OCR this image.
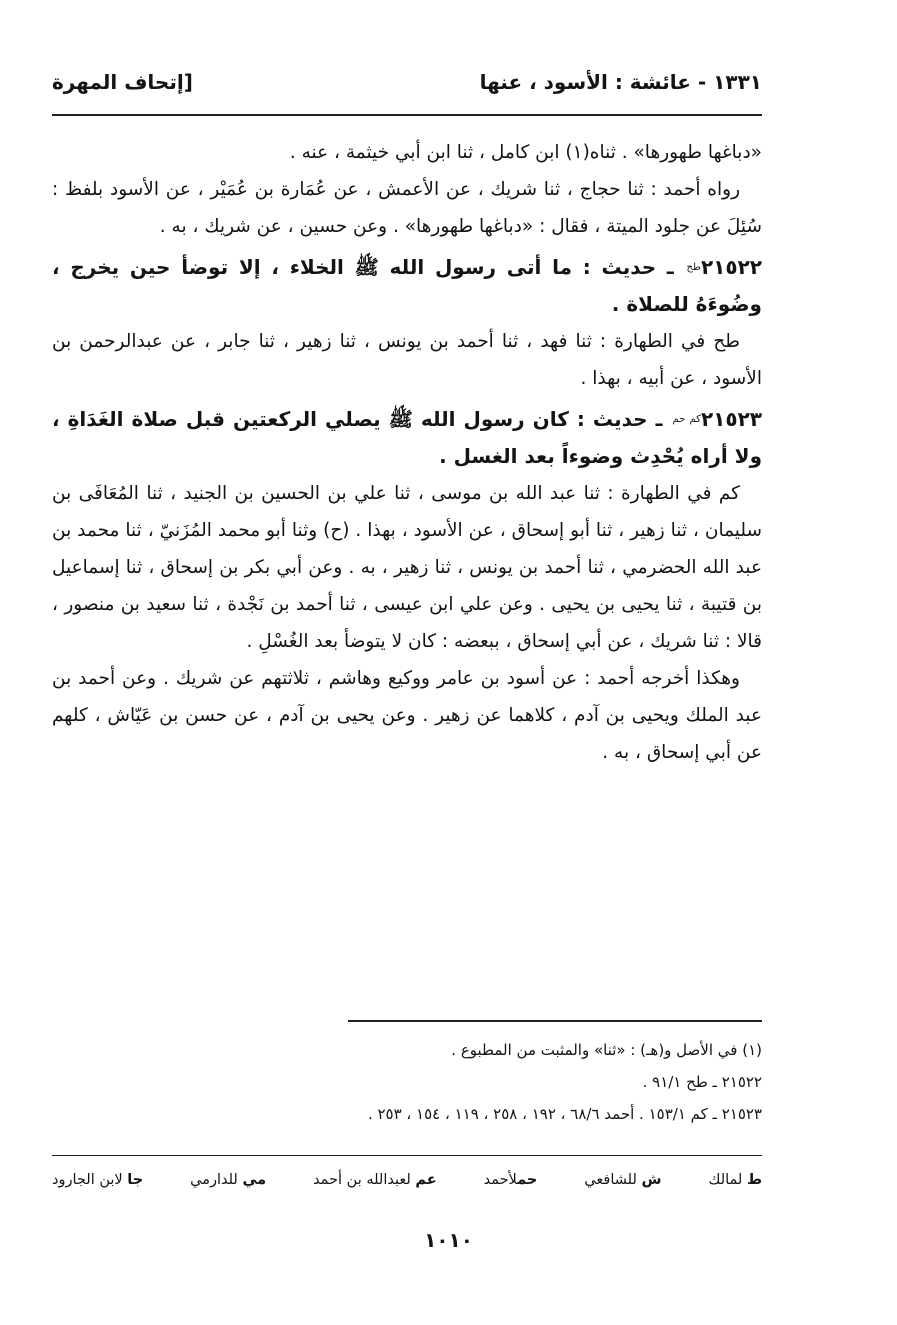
١٣٣١ - عائشة : الأسود ، عنها
[إتحاف المهرة

«دباغها طهورها» . ثناه(١) ابن كامل ، ثنا ابن أبي خيثمة ، عنه .

رواه أحمد : ثنا حجاج ، ثنا شريك ، عن الأعمش ، عن عُمَارة بن عُمَيْر ، عن الأسود بلفظ : سُئِلَ عن جلود الميتة ، فقال : «دباغها طهورها» . وعن حسين ، عن شريك ، به .

$٢١٥٢٢^{طح}$ ـ حديث : ما أتى رسول الله ﷺ الخلاء ، إلا توضأ حين يخرج ، وضُوءَهُ للصلاة .

طح في الطهارة : ثنا فهد ، ثنا أحمد بن يونس ، ثنا زهير ، ثنا جابر ، عن عبدالرحمن بن الأسود ، عن أبيه ، بهذا .

$٢١٥٢٣^{كم حم}$ ـ حديث : كان رسول الله ﷺ يصلي الركعتين قبل صلاة الغَدَاةِ ، ولا أراه يُحْدِث وضوءاً بعد الغسل .

كم في الطهارة : ثنا عبد الله بن موسى ، ثنا علي بن الحسين بن الجنيد ، ثنا المُعَافَى بن سليمان ، ثنا زهير ، ثنا أبو إسحاق ، عن الأسود ، بهذا . (ح) وثنا أبو محمد المُزَنيّ ، ثنا محمد بن عبد الله الحضرمي ، ثنا أحمد بن يونس ، ثنا زهير ، به . وعن أبي بكر بن إسحاق ، ثنا إسماعيل بن قتيبة ، ثنا يحيى بن يحيى . وعن علي ابن عيسى ، ثنا أحمد بن نَجْدة ، ثنا سعيد بن منصور ، قالا : ثنا شريك ، عن أبي إسحاق ، ببعضه : كان لا يتوضأ بعد الغُسْلِ .

وهكذا أخرجه أحمد : عن أسود بن عامر ووكيع وهاشم ، ثلاثتهم عن شريك . وعن أحمد بن عبد الملك ويحيى بن آدم ، كلاهما عن زهير . وعن يحيى بن آدم ، عن حسن بن عَيّاش ، كلهم عن أبي إسحاق ، به .

(١) في الأصل و(هـ) : «ثنا» والمثبت من المطبوع .

٢١٥٢٢ ـ طح ٩١/١ .

٢١٥٢٣ ـ كم ١٥٣/١ . أحمد ٦٨/٦ ، ١٩٢ ، ٢٥٨ ، ١١٩ ، ١٥٤ ، ٢٥٣ .

ط لمالك
ش للشافعي
حملأحمد
عم لعبدالله بن أحمد
مي للدارمي
جا لابن الجارود
١٠١٠
